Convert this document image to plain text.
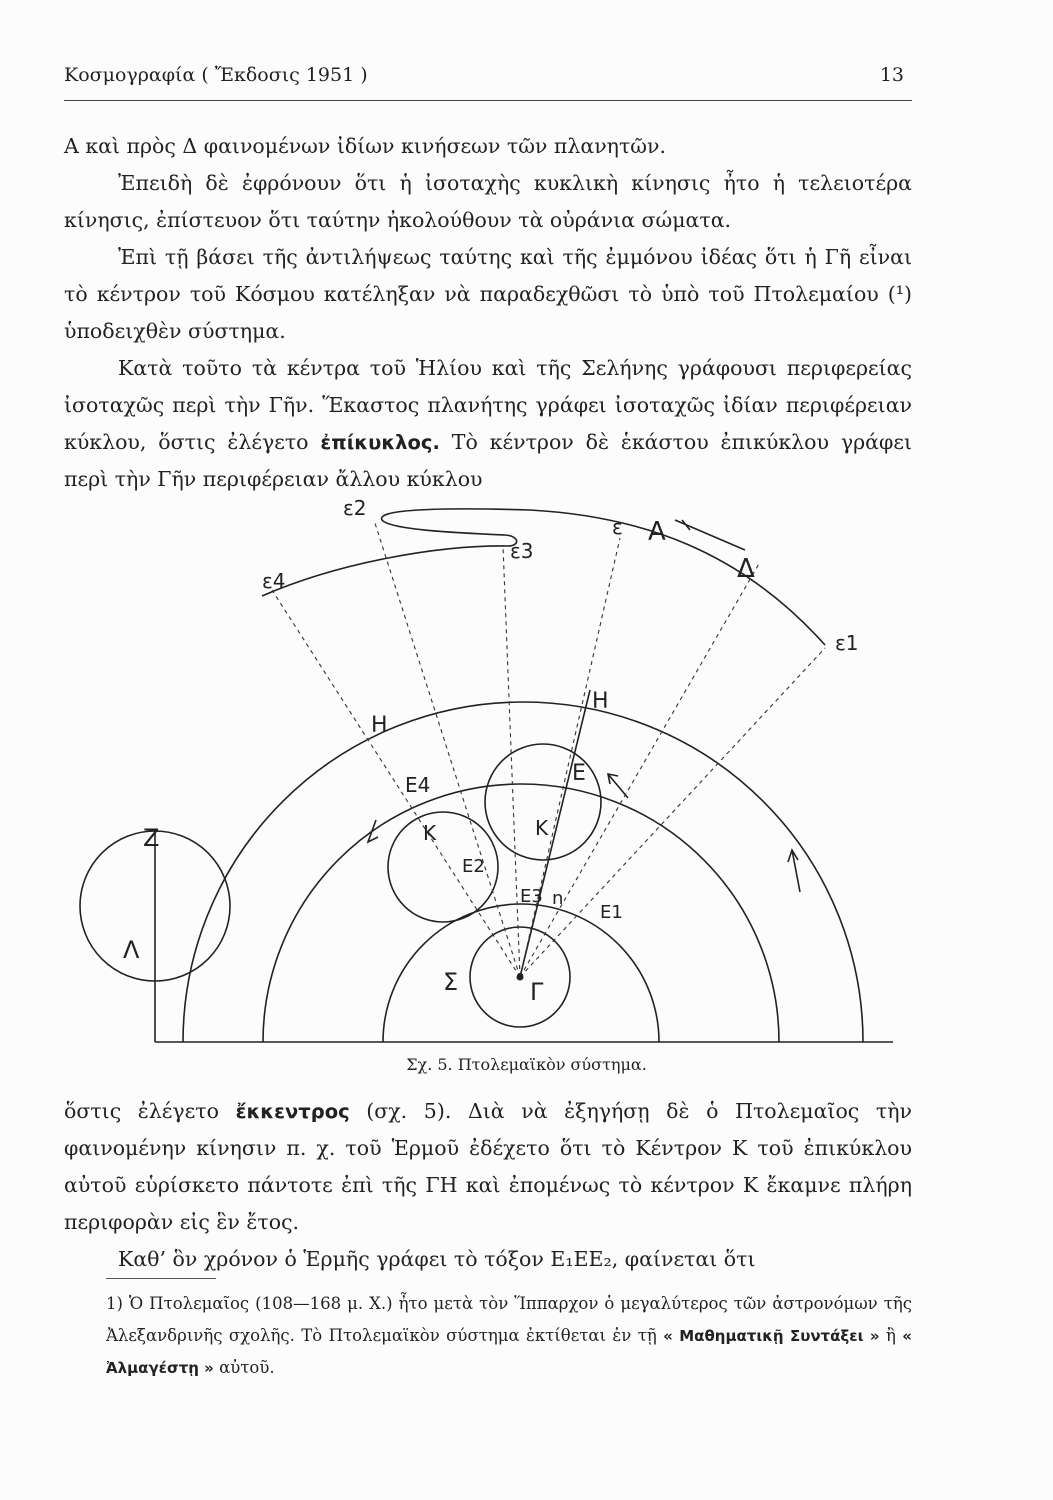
Κοσμογραφία ( Ἔκδοσις 1951 )	13

Α καὶ πρὸς Δ φαινομένων ἰδίων κινήσεων τῶν πλανητῶν.

Ἐπειδὴ δὲ ἐφρόνουν ὅτι ἡ ἰσοταχὴς κυκλικὴ κίνησις ἦτο ἡ τελειοτέρα κίνησις, ἐπίστευον ὅτι ταύτην ἠκολούθουν τὰ οὐράνια σώματα.

Ἐπὶ τῇ βάσει τῆς ἀντιλήψεως ταύτης καὶ τῆς ἐμμόνου ἰδέας ὅτι ἡ Γῆ εἶναι τὸ κέντρον τοῦ Κόσμου κατέληξαν νὰ παραδεχθῶσι τὸ ὑπὸ τοῦ Πτολεμαίου (¹) ὑποδειχθὲν σύστημα.

Κατὰ τοῦτο τὰ κέντρα τοῦ Ἡλίου καὶ τῆς Σελήνης γράφουσι περιφερείας ἰσοταχῶς περὶ τὴν Γῆν. Ἕκαστος πλανήτης γράφει ἰσοταχῶς ἰδίαν περιφέρειαν κύκλου, ὅστις ἐλέγετο ἐπίκυκλος. Τὸ κέντρον δὲ ἑκάστου ἐπικύκλου γράφει περὶ τὴν Γῆν περιφέρειαν ἄλλου κύκλου

ε2
ε3
ε Α
Δ
ε4
ε1
Η
Η
Ε4	Ε
Κ	Κ
Ε2
Ε3 n
Ε1
Ζ
Λ
Σ	Γ
Σχ. 5. Πτολεμαϊκὸν σύστημα.

ὅστις ἐλέγετο ἔκκεντρος (σχ. 5). Διὰ νὰ ἐξηγήσῃ δὲ ὁ Πτολεμαῖος τὴν φαινομένην κίνησιν π. χ. τοῦ Ἑρμοῦ ἐδέχετο ὅτι τὸ Κέντρον Κ τοῦ ἐπικύκλου αὐτοῦ εὑρίσκετο πάντοτε ἐπὶ τῆς ΓΗ καὶ ἐπομένως τὸ κέντρον Κ ἔκαμνε πλήρη περιφορὰν εἰς ἓν ἔτος.

Καθ’ ὃν χρόνον ὁ Ἑρμῆς γράφει τὸ τόξον Ε₁ΕΕ₂, φαίνεται ὅτι

1) Ὁ Πτολεμαῖος (108—168 μ. Χ.) ἦτο μετὰ τὸν Ἵππαρχον ὁ μεγαλύτερος τῶν ἀστρονόμων τῆς Ἀλεξανδρινῆς σχολῆς. Τὸ Πτολεμαϊκὸν σύστημα ἐκτίθεται ἐν τῇ « Μαθηματικῇ Συντάξει » ἢ « Ἀλμαγέστῃ » αὐτοῦ.
